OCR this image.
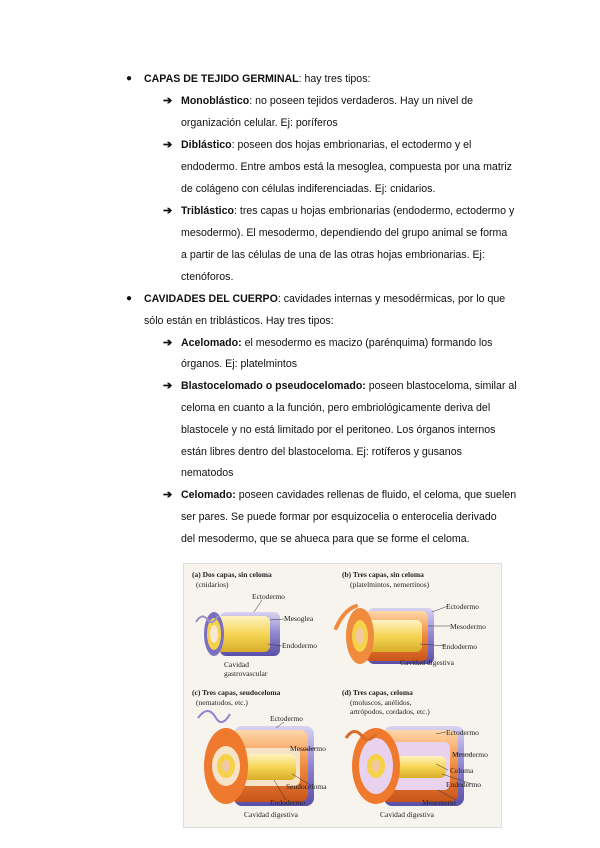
● CAPAS DE TEJIDO GERMINAL: hay tres tipos:
➔ Monoblástico: no poseen tejidos verdaderos. Hay un nivel de
organización celular. Ej: poríferos
➔ Diblástico: poseen dos hojas embrionarias, el ectodermo y el
endodermo. Entre ambos está la mesoglea, compuesta por una matriz
de colágeno con células indiferenciadas. Ej: cnidarios.
➔ Triblástico: tres capas u hojas embrionarias (endodermo, ectodermo y
mesodermo). El mesodermo, dependiendo del grupo animal se forma
a partir de las células de una de las otras hojas embrionarias. Ej:
ctenóforos.
● CAVIDADES DEL CUERPO: cavidades internas y mesodérmicas, por lo que
sólo están en triblásticos. Hay tres tipos:
➔ Acelomado: el mesodermo es macizo (parénquima) formando los
órganos. Ej: platelmintos
➔ Blastocelomado o pseudocelomado: poseen blastoceloma, similar al
celoma en cuanto a la función, pero embriológicamente deriva del
blastocele y no está limitado por el peritoneo. Los órganos internos
están libres dentro del blastoceloma. Ej: rotíferos y gusanos
nematodos
➔ Celomado: poseen cavidades rellenas de fluido, el celoma, que suelen
ser pares. Se puede formar por esquizocelia o enterocelia derivado
del mesodermo, que se ahueca para que se forme el celoma.
(a) Dos capas, sin celoma
(cnidarios)
Ectodermo
Mesoglea
Endodermo
Cavidad
gastrovascular
(b) Tres capas, sin celoma
(platelmintos, nemertinos)
Ectodermo
Mesodermo
Endodermo
Cavidad digestiva
(c) Tres capas, seudoceloma
(nematodos, etc.)
Ectodermo
Mesodermo
Seudoceloma
Endodermo
Cavidad digestiva
(d) Tres capas, celoma
(moluscos, anélidos,
artrópodos, cordados, etc.)
Ectodermo
Mesodermo
Celoma
Endodermo
Mesenterio
Cavidad digestiva
